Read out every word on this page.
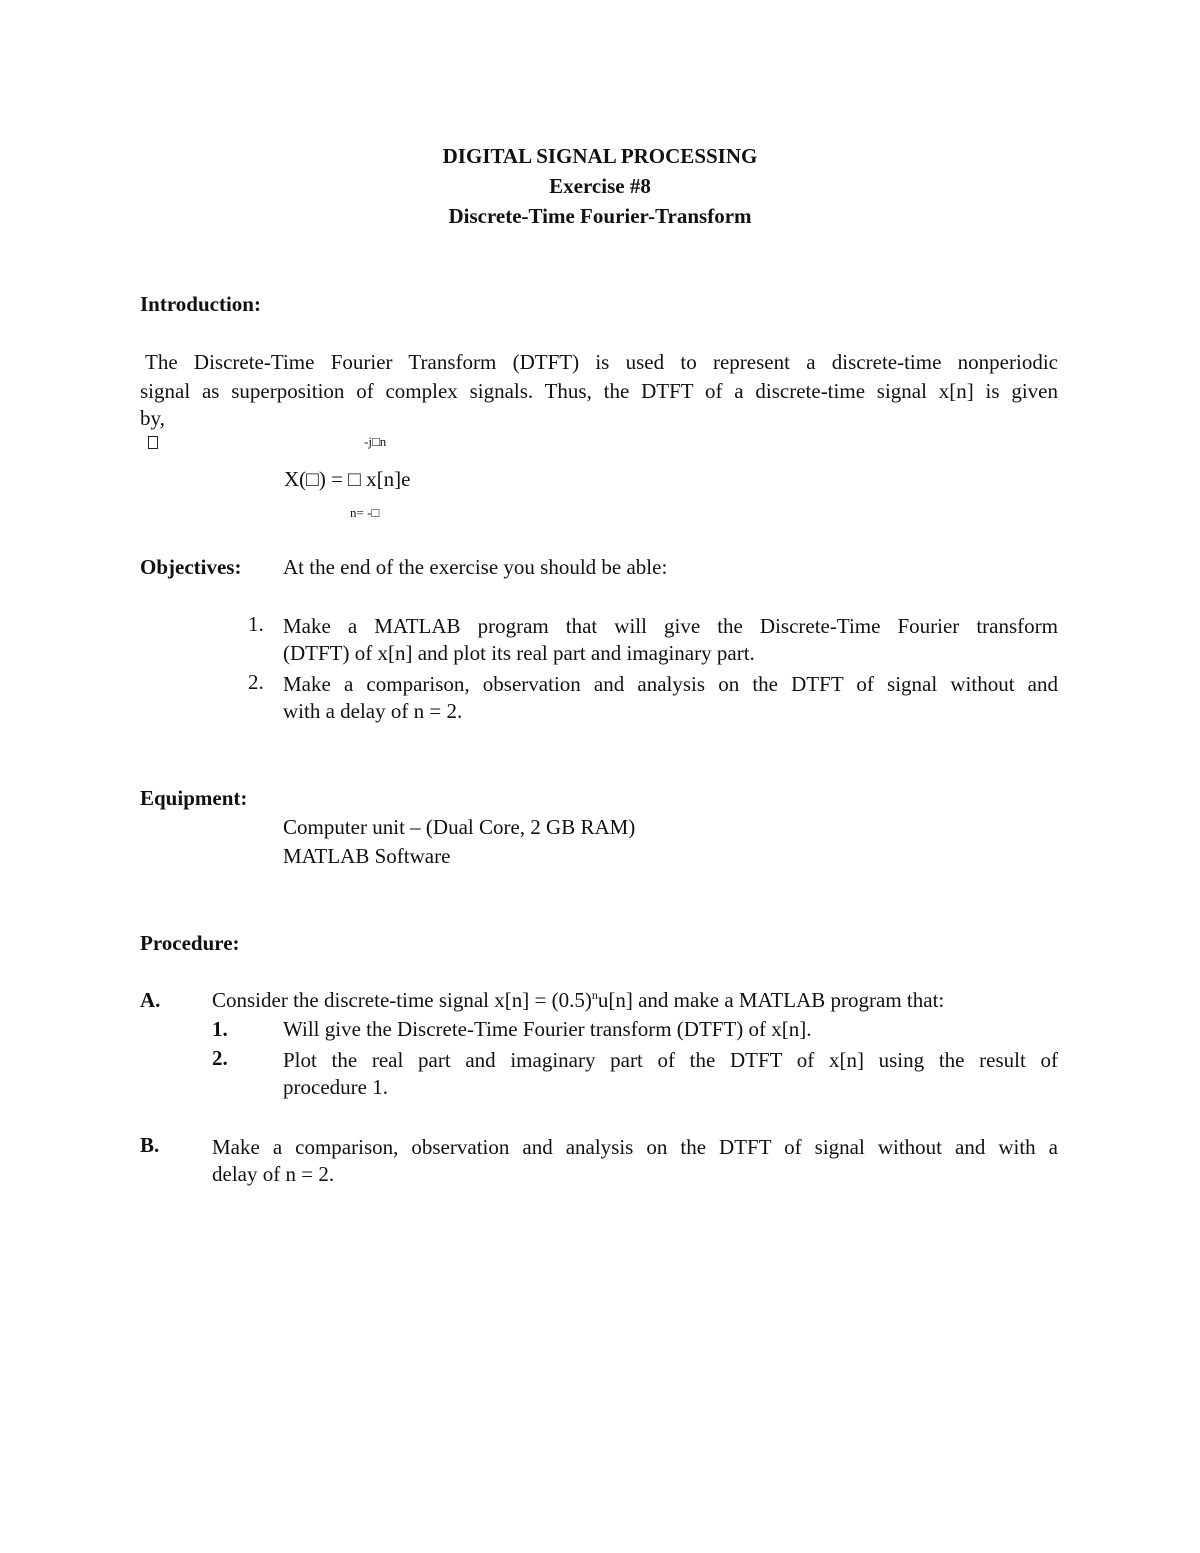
DIGITAL SIGNAL PROCESSING
Exercise #8
Discrete-Time Fourier-Transform
Introduction:
The Discrete-Time Fourier Transform (DTFT) is used to represent a discrete-time nonperiodic
signal as superposition of complex signals. Thus, the DTFT of a discrete-time signal x[n] is given
by,
-j□n
X(□) = □ x[n]e
n= -□
Objectives: At the end of the exercise you should be able:
1. Make a MATLAB program that will give the Discrete-Time Fourier transform
(DTFT) of x[n] and plot its real part and imaginary part.
2. Make a comparison, observation and analysis on the DTFT of signal without and
with a delay of n = 2.
Equipment:
Computer unit – (Dual Core, 2 GB RAM)
MATLAB Software
Procedure:
A. Consider the discrete-time signal $x[n] = (0.5)^nu[n]$ and make a MATLAB program that:
1.	Will give the Discrete-Time Fourier transform (DTFT) of x[n].
2.	Plot the real part and imaginary part of the DTFT of x[n] using the result of
procedure 1.
B.	Make a comparison, observation and analysis on the DTFT of signal without and with a
delay of n = 2.
